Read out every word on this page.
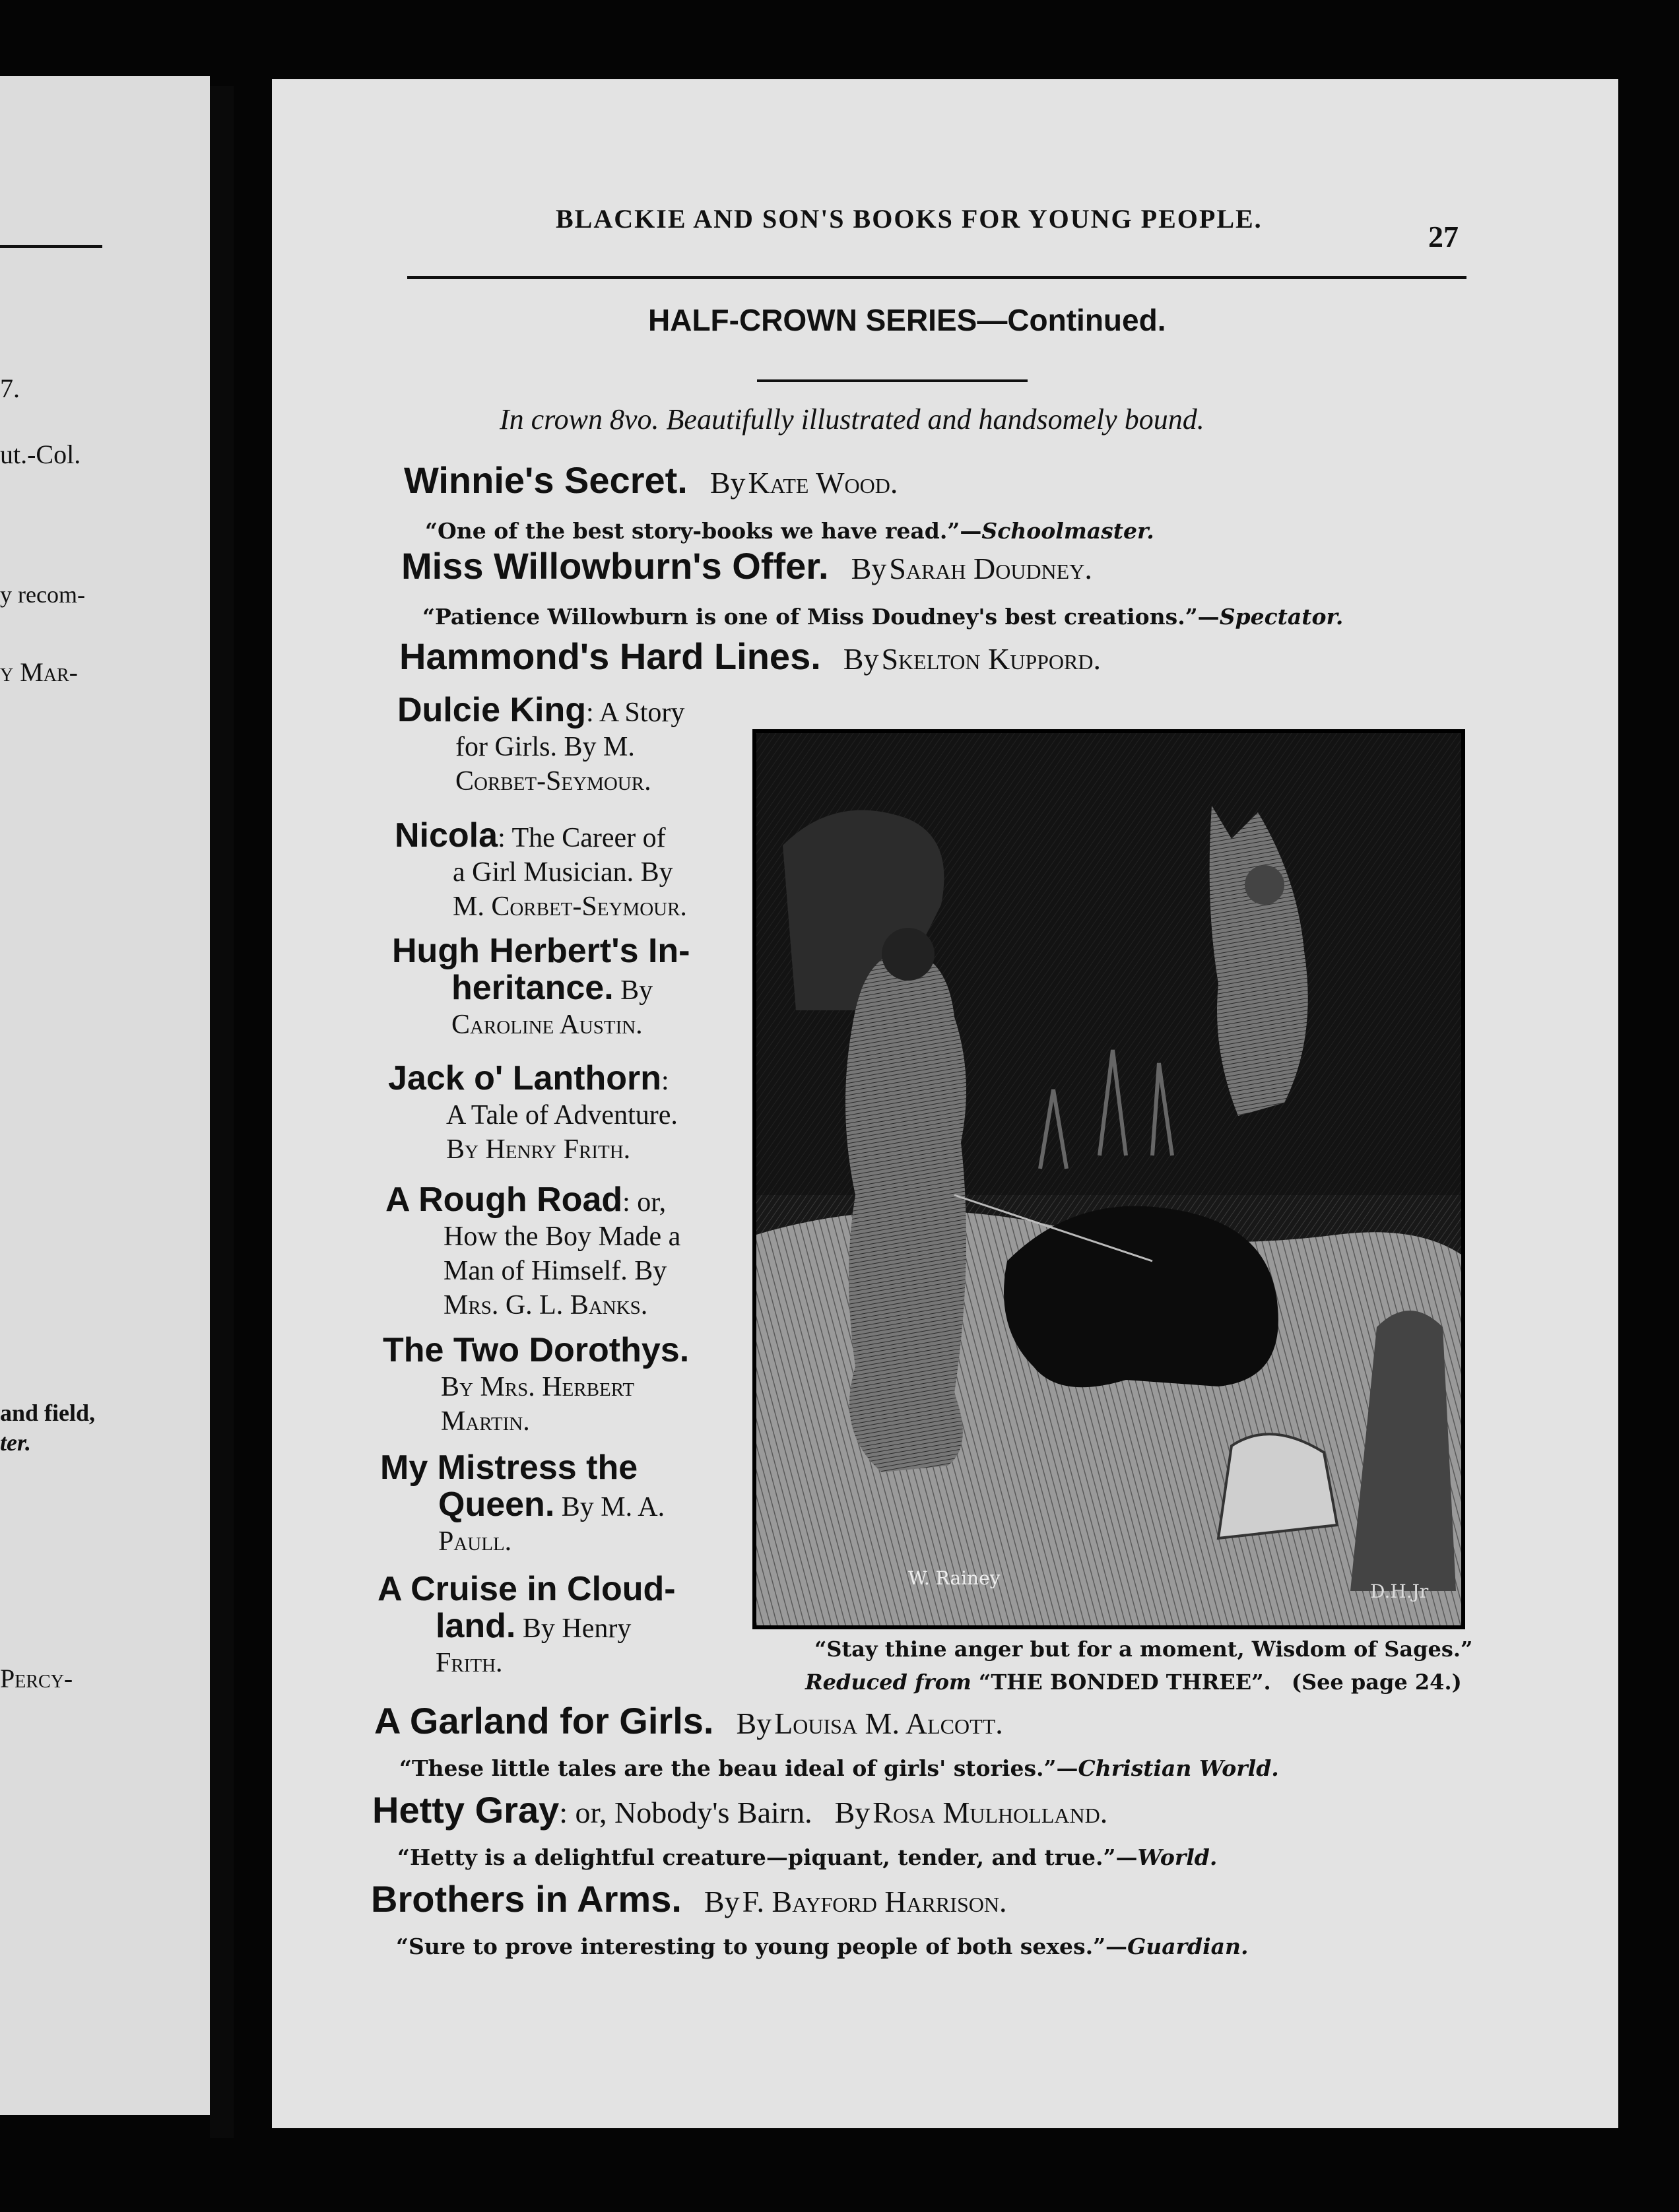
7.
ut.-Col.
y recom-
y Mar-
and field,
ter.
Percy-
BLACKIE AND SON'S BOOKS FOR YOUNG PEOPLE.
27
HALF-CROWN SERIES—Continued.
In crown 8vo. Beautifully illustrated and handsomely bound.
Winnie's Secret. By Kate Wood.
“One of the best story-books we have read.”—Schoolmaster.
Miss Willowburn's Offer. By Sarah Doudney.
“Patience Willowburn is one of Miss Doudney's best creations.”—Spectator.
Hammond's Hard Lines. By Skelton Kuppord.
Dulcie King: A Story
for Girls. By M.
Corbet-Seymour.
Nicola: The Career of
a Girl Musician. By
M. Corbet-Seymour.
Hugh Herbert's In-
heritance. By
Caroline Austin.
Jack o' Lanthorn:
A Tale of Adventure.
By Henry Frith.
A Rough Road: or,
How the Boy Made a
Man of Himself. By
Mrs. G. L. Banks.
The Two Dorothys.
By Mrs. Herbert
Martin.
My Mistress the
Queen. By M. A.
Paull.
A Cruise in Cloud-
land. By Henry
Frith.
W. Rainey
D.H.Jr
“Stay thine anger but for a moment, Wisdom of Sages.”
Reduced from “THE BONDED THREE”. (See page 24.)
A Garland for Girls. By Louisa M. Alcott.
“These little tales are the beau ideal of girls' stories.”—Christian World.
Hetty Gray: or, Nobody's Bairn. By Rosa Mulholland.
“Hetty is a delightful creature—piquant, tender, and true.”—World.
Brothers in Arms. By F. Bayford Harrison.
“Sure to prove interesting to young people of both sexes.”—Guardian.
